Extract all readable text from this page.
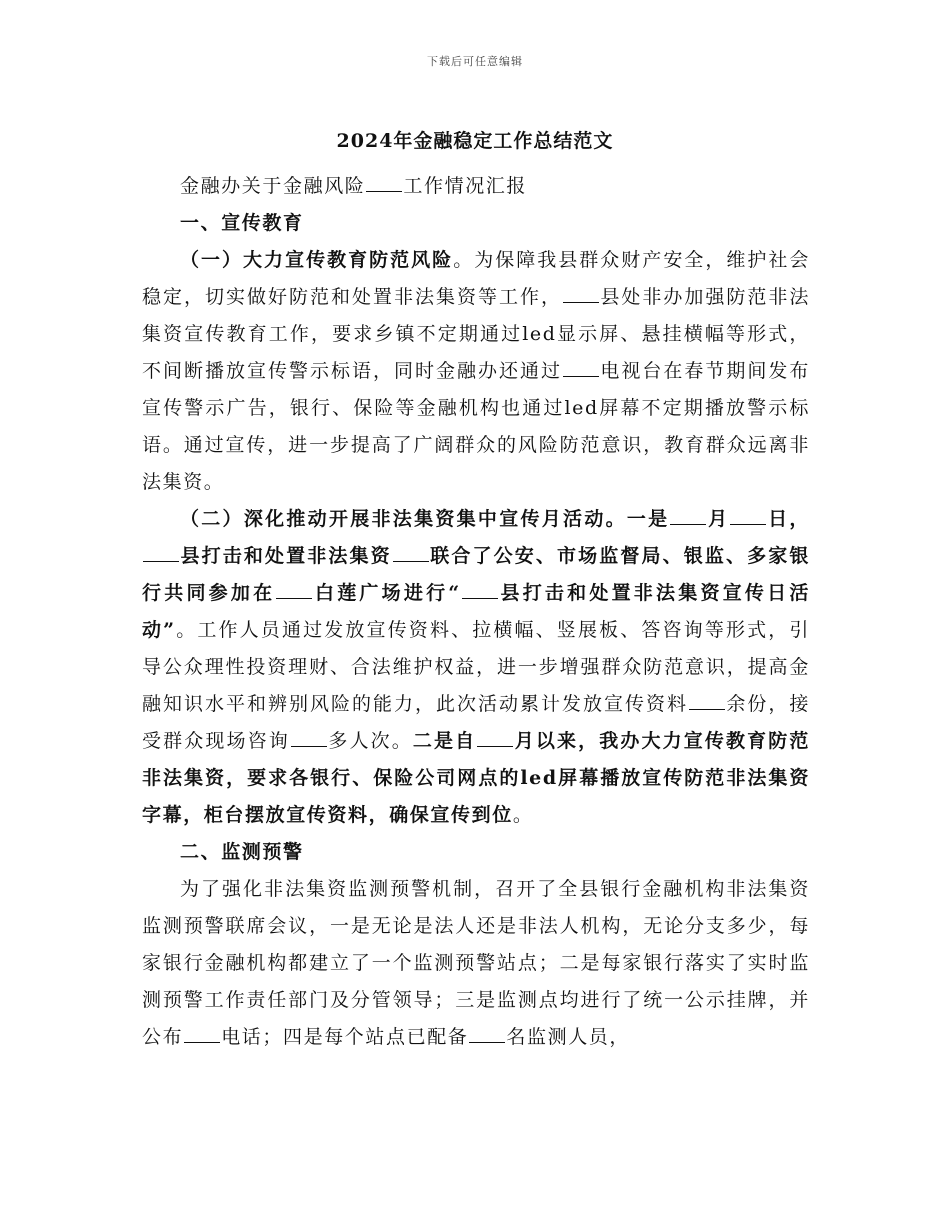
下载后可任意编辑
2024年金融稳定工作总结范文

金融办关于金融风险 工作情况汇报

一、宣传教育

（一）大力宣传教育防范风险。为保障我县群众财产安全，维护社会稳定，切实做好防范和处置非法集资等工作， 县处非办加强防范非法集资宣传教育工作，要求乡镇不定期通过led显示屏、悬挂横幅等形式，不间断播放宣传警示标语，同时金融办还通过 电视台在春节期间发布宣传警示广告，银行、保险等金融机构也通过led屏幕不定期播放警示标语。通过宣传，进一步提高了广阔群众的风险防范意识，教育群众远离非法集资。

（二）深化推动开展非法集资集中宣传月活动。一是 月 日，县打击和处置非法集资 联合了公安、市场监督局、银监、多家银行共同参加在 白莲广场进行“ 县打击和处置非法集资宣传日活动”。工作人员通过发放宣传资料、拉横幅、竖展板、答咨询等形式，引导公众理性投资理财、合法维护权益，进一步增强群众防范意识，提高金融知识水平和辨别风险的能力，此次活动累计发放宣传资料 余份，接受群众现场咨询 多人次。二是自 月以来，我办大力宣传教育防范非法集资，要求各银行、保险公司网点的led屏幕播放宣传防范非法集资字幕，柜台摆放宣传资料，确保宣传到位。

二、监测预警

为了强化非法集资监测预警机制，召开了全县银行金融机构非法集资监测预警联席会议，一是无论是法人还是非法人机构，无论分支多少，每家银行金融机构都建立了一个监测预警站点；二是每家银行落实了实时监测预警工作责任部门及分管领导；三是监测点均进行了统一公示挂牌，并公布 电话；四是每个站点已配备 名监测人员，
